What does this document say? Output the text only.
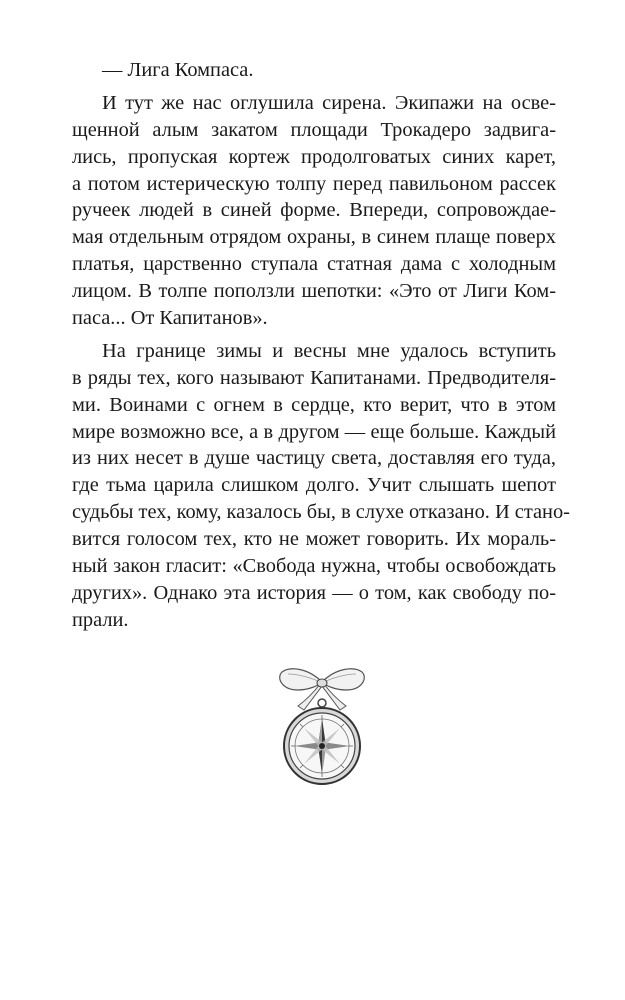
— Лига Компаса.
И тут же нас оглушила сирена. Экипажи на осве-
щенной алым закатом площади Трокадеро задвига-
лись, пропуская кортеж продолговатых синих карет,
а потом истерическую толпу перед павильоном рассек
ручеек людей в синей форме. Впереди, сопровождае-
мая отдельным отрядом охраны, в синем плаще поверх
платья, царственно ступала статная дама с холодным
лицом. В толпе поползли шепотки: «Это от Лиги Ком-
паса... От Капитанов».
На границе зимы и весны мне удалось вступить
в ряды тех, кого называют Капитанами. Предводителя-
ми. Воинами с огнем в сердце, кто верит, что в этом
мире возможно все, а в другом — еще больше. Каждый
из них несет в душе частицу света, доставляя его туда,
где тьма царила слишком долго. Учит слышать шепот
судьбы тех, кому, казалось бы, в слухе отказано. И стано-
вится голосом тех, кто не может говорить. Их мораль-
ный закон гласит: «Свобода нужна, чтобы освобождать
других». Однако эта история — о том, как свободу по-
прали.
